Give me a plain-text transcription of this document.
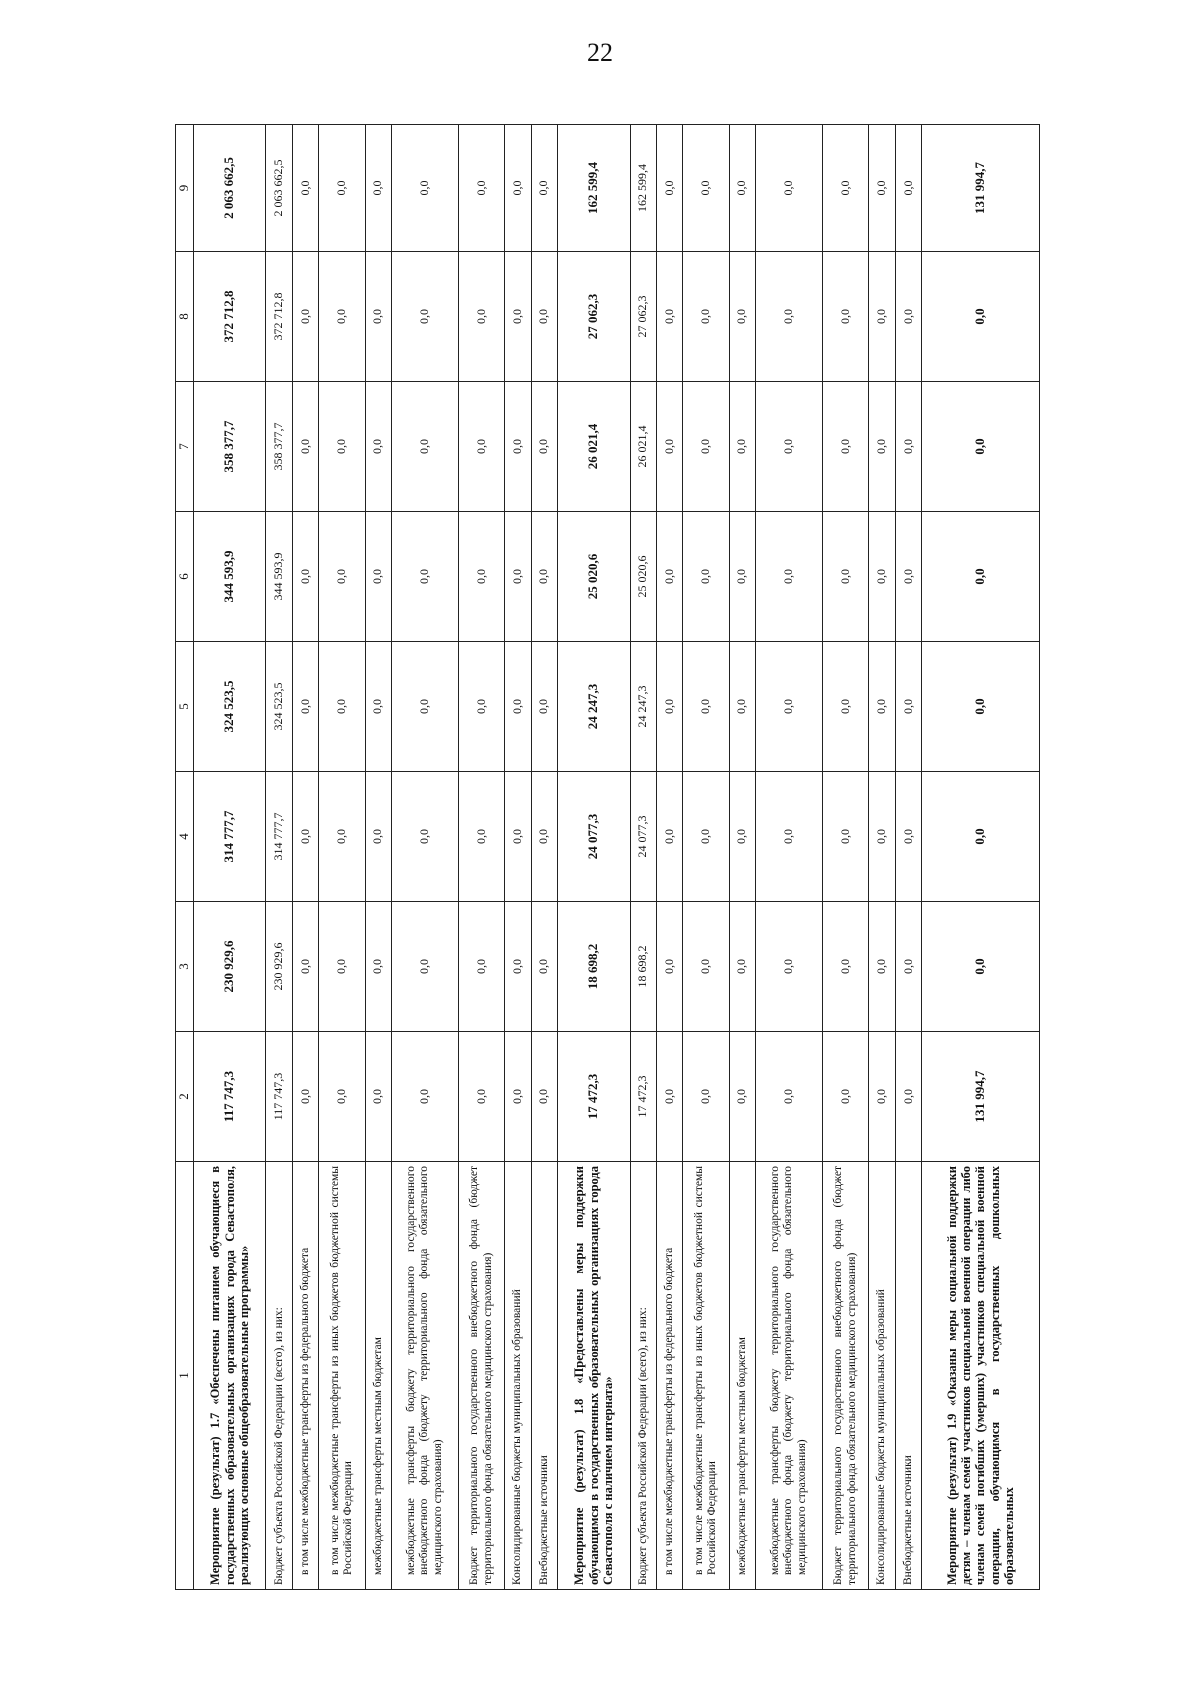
22
1	2	3	4	5	6	7	8	9
Мероприятие (результат) 1.7 «Обеспечены питанием обучающиеся в государственных образовательных организациях города Севастополя, реализующих основные общеобразовательные программы»	117 747,3	230 929,6	314 777,7	324 523,5	344 593,9	358 377,7	372 712,8	2 063 662,5
Бюджет субъекта Российской Федерации (всего), из них:	117 747,3	230 929,6	314 777,7	324 523,5	344 593,9	358 377,7	372 712,8	2 063 662,5
в том числе межбюджетные трансферты из федерального бюджета	0,0	0,0	0,0	0,0	0,0	0,0	0,0	0,0
в том числе межбюджетные трансферты из иных бюджетов бюджетной системы Российской Федерации	0,0	0,0	0,0	0,0	0,0	0,0	0,0	0,0
межбюджетные трансферты местным бюджетам	0,0	0,0	0,0	0,0	0,0	0,0	0,0	0,0
межбюджетные трансферты бюджету территориального государственного внебюджетного фонда (бюджету территориального фонда обязательного медицинского страхования)	0,0	0,0	0,0	0,0	0,0	0,0	0,0	0,0
Бюджет территориального государственного внебюджетного фонда (бюджет территориального фонда обязательного медицинского страхования)	0,0	0,0	0,0	0,0	0,0	0,0	0,0	0,0
Консолидированные бюджеты муниципальных образований	0,0	0,0	0,0	0,0	0,0	0,0	0,0	0,0
Внебюджетные источники	0,0	0,0	0,0	0,0	0,0	0,0	0,0	0,0
Мероприятие (результат) 1.8 «Предоставлены меры поддержки обучающимся в государственных образовательных организациях города Севастополя с наличием интерната»	17 472,3	18 698,2	24 077,3	24 247,3	25 020,6	26 021,4	27 062,3	162 599,4
Бюджет субъекта Российской Федерации (всего), из них:	17 472,3	18 698,2	24 077,3	24 247,3	25 020,6	26 021,4	27 062,3	162 599,4
в том числе межбюджетные трансферты из федерального бюджета	0,0	0,0	0,0	0,0	0,0	0,0	0,0	0,0
в том числе межбюджетные трансферты из иных бюджетов бюджетной системы Российской Федерации	0,0	0,0	0,0	0,0	0,0	0,0	0,0	0,0
межбюджетные трансферты местным бюджетам	0,0	0,0	0,0	0,0	0,0	0,0	0,0	0,0
межбюджетные трансферты бюджету территориального государственного внебюджетного фонда (бюджету территориального фонда обязательного медицинского страхования)	0,0	0,0	0,0	0,0	0,0	0,0	0,0	0,0
Бюджет территориального государственного внебюджетного фонда (бюджет территориального фонда обязательного медицинского страхования)	0,0	0,0	0,0	0,0	0,0	0,0	0,0	0,0
Консолидированные бюджеты муниципальных образований	0,0	0,0	0,0	0,0	0,0	0,0	0,0	0,0
Внебюджетные источники	0,0	0,0	0,0	0,0	0,0	0,0	0,0	0,0
Мероприятие (результат) 1.9 «Оказаны меры социальной поддержки детям – членам семей участников специальной военной операции либо членам семей погибших (умерших) участников специальной военной операции, обучающимся в государственных дошкольных образовательных	131 994,7	0,0	0,0	0,0	0,0	0,0	0,0	131 994,7
